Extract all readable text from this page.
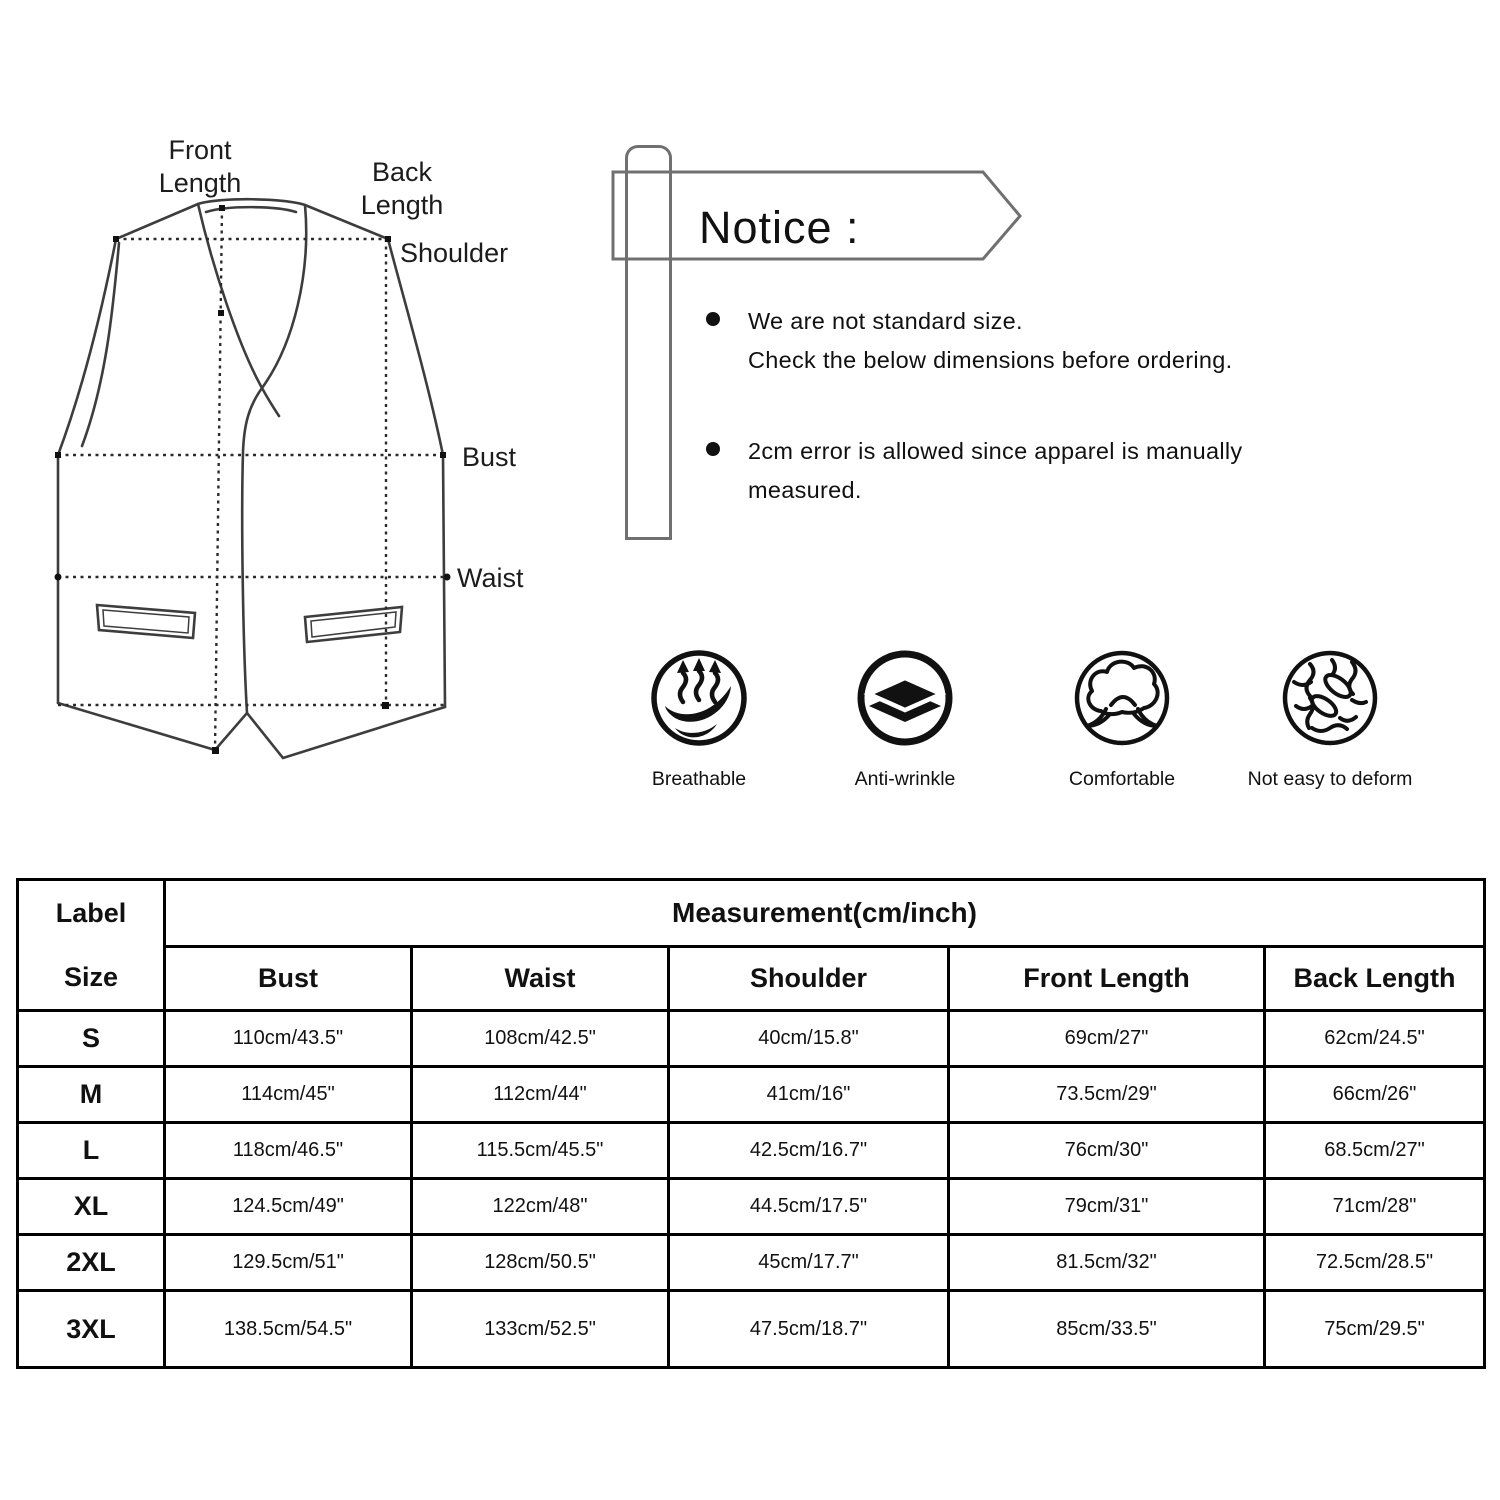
Front Length	Back Length
Shoulder
Bust
Waist
Notice :
We are not standard size.
Check the below dimensions before ordering.
2cm error is allowed since apparel is manually
measured.
Breathable	Anti-wrinkle	Comfortable	Not easy to deform
Label
Size	Measurement(cm/inch)				
	Bust	Waist	Shoulder	Front Length	Back Length
S	110cm/43.5"	108cm/42.5"	40cm/15.8"	69cm/27"	62cm/24.5"
M	114cm/45"	112cm/44"	41cm/16"	73.5cm/29"	66cm/26"
L	118cm/46.5"	115.5cm/45.5"	42.5cm/16.7"	76cm/30"	68.5cm/27"
XL	124.5cm/49"	122cm/48"	44.5cm/17.5"	79cm/31"	71cm/28"
2XL	129.5cm/51"	128cm/50.5"	45cm/17.7"	81.5cm/32"	72.5cm/28.5"
3XL	138.5cm/54.5"	133cm/52.5"	47.5cm/18.7"	85cm/33.5"	75cm/29.5"
